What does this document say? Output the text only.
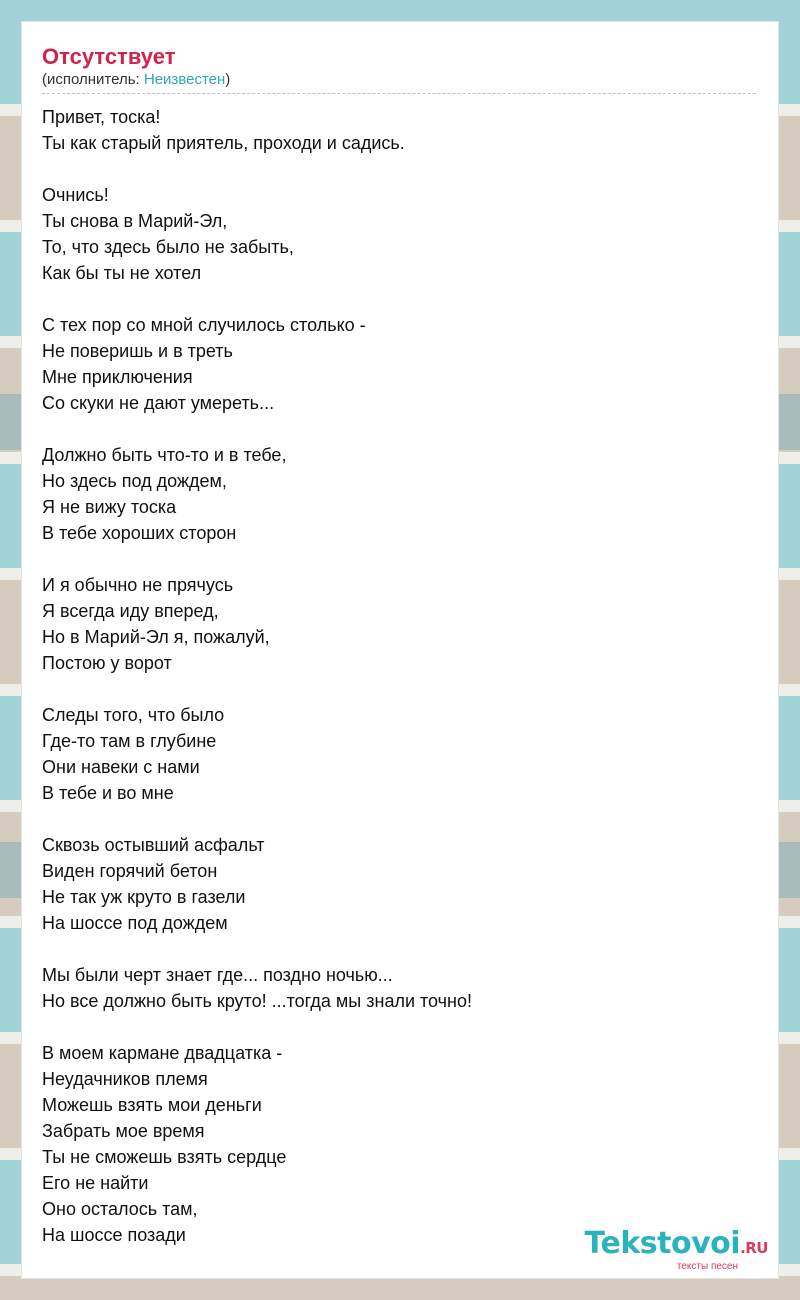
Отсутствует
(исполнитель: Неизвестен)
Привет, тоска!
Ты как старый приятель, проходи и садись.
Очнись!
Ты снова в Марий-Эл,
То, что здесь было не забыть,
Как бы ты не хотел
С тех пор со мной случилось столько -
Не поверишь и в треть
Мне приключения
Со скуки не дают умереть...
Должно быть что-то и в тебе,
Но здесь под дождем,
Я не вижу тоска
В тебе хороших сторон
И я обычно не прячусь
Я всегда иду вперед,
Но в Марий-Эл я, пожалуй,
Постою у ворот
Следы того, что было
Где-то там в глубине
Они навеки с нами
В тебе и во мне
Сквозь остывший асфальт
Виден горячий бетон
Не так уж круто в газели
На шоссе под дождем
Мы были черт знает где... поздно ночью...
Но все должно быть круто! ...тогда мы знали точно!
В моем кармане двадцатка -
Неудачников племя
Можешь взять мои деньги
Забрать мое время
Ты не сможешь взять сердце
Его не найти
Оно осталось там,
На шоссе позади	Tekstovoi.RU
тексты песен
